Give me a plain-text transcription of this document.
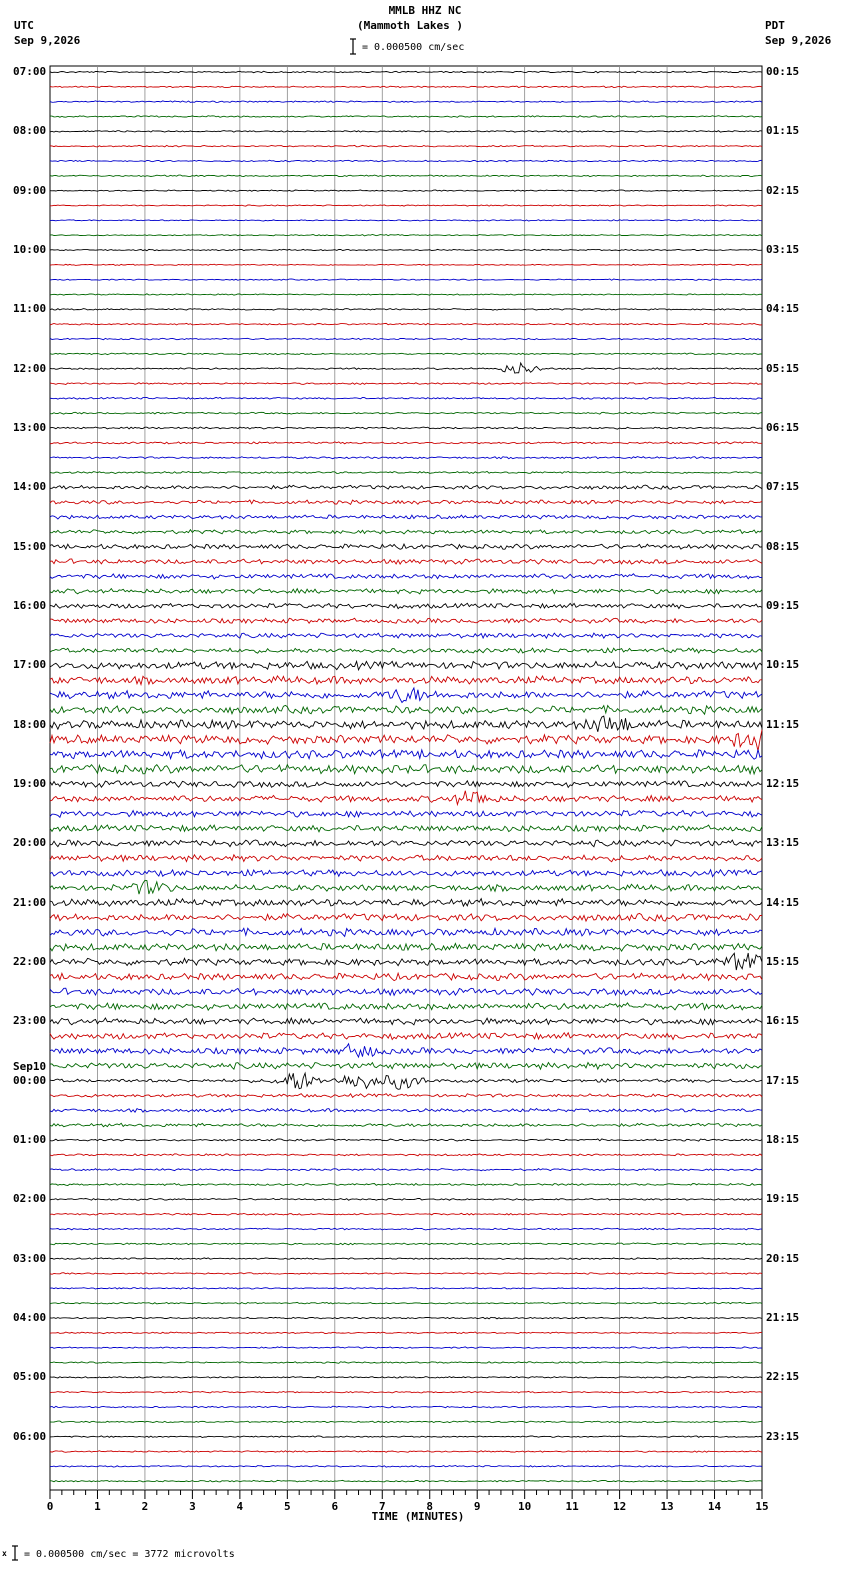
MMLB HHZ NC
(Mammoth Lakes )
UTC
Sep 9,2026
PDT
Sep 9,2026
= 0.000500 cm/sec
x = 0.000500 cm/sec = 3772 microvolts
0	1	2	3	4	5	6	7	8	9	10	11	12	13	14	15
TIME (MINUTES)
07:00	00:15
08:00	01:15
09:00	02:15
10:00	03:15
11:00	04:15
12:00	05:15
13:00	06:15
14:00	07:15
15:00	08:15
16:00	09:15
17:00	10:15
18:00	11:15
19:00	12:15
20:00	13:15
21:00	14:15
22:00	15:15
23:00	16:15
00:00	17:15
01:00	18:15
02:00	19:15
03:00	20:15
04:00	21:15
05:00	22:15
06:00	23:15
Sep10
